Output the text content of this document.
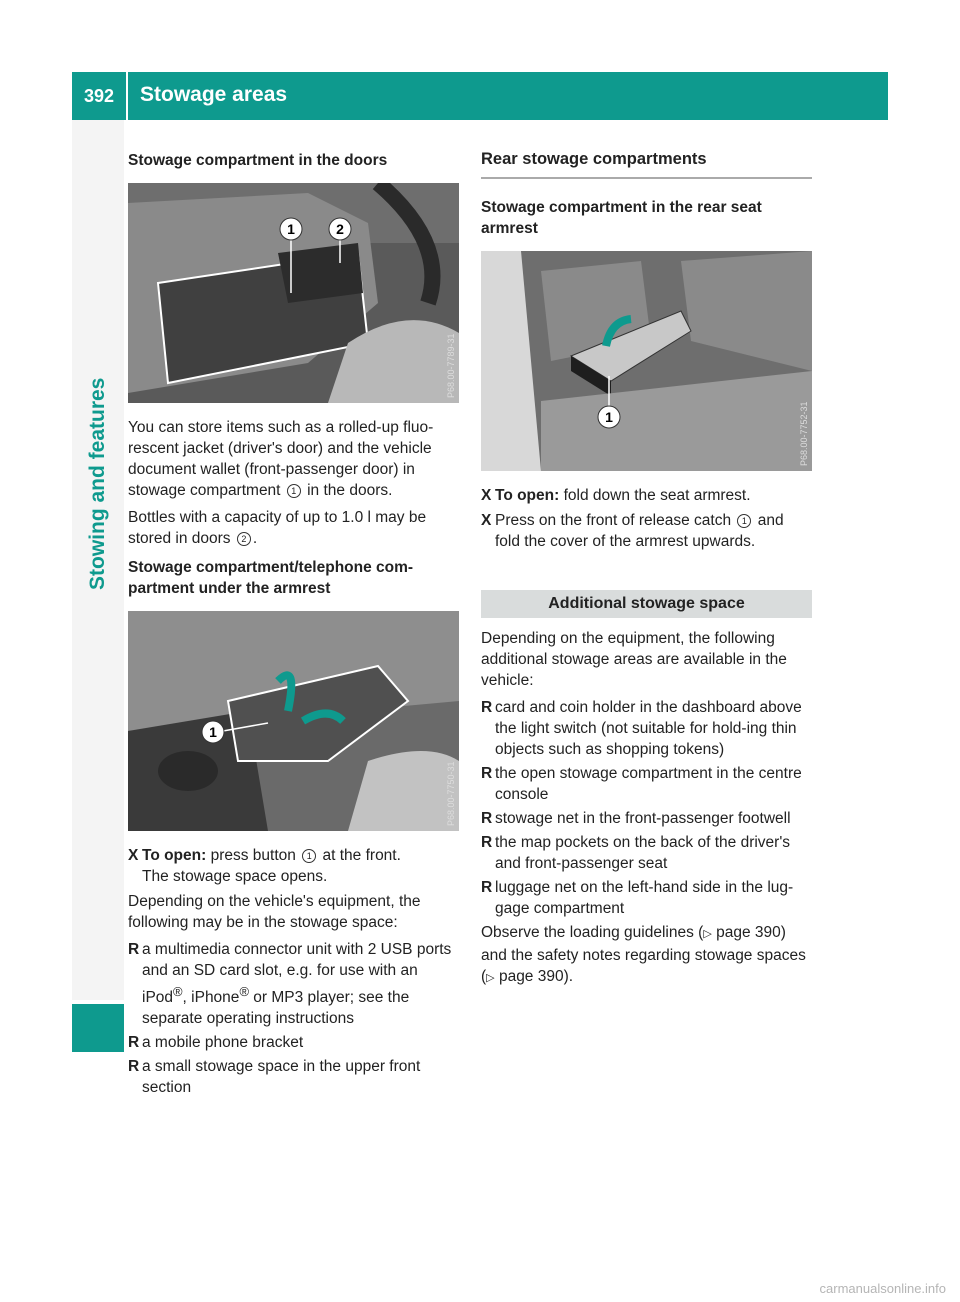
392 Stowage areas
Stowing and features
Stowage compartment in the doors
1	2
P68.00-7789-31

You can store items such as a rolled-up fluo-rescent jacket (driver's door) and the vehicle document wallet (front-passenger door) in stowage compartment 1 in the doors.

Bottles with a capacity of up to 1.0 l may be stored in doors 2 .

Stowage compartment/telephone com-partment under the armrest
1
P68.00-7750-31
X To open: press button 1 at the front.
The stowage space opens.

Depending on the vehicle's equipment, the following may be in the stowage space:

R a multimedia connector unit with 2 USB ports and an SD card slot, e.g. for use with an iPod®, iPhone® or MP3 player; see the separate operating instructions
R a mobile phone bracket
R a small stowage space in the upper front section
Rear stowage compartments
Stowage compartment in the rear seat armrest
1	P68.00-7752-31
X To open: fold down the seat armrest.
X Press on the front of release catch 1 and fold the cover of the armrest upwards.
Additional stowage space

Depending on the equipment, the following additional stowage areas are available in the vehicle:

R card and coin holder in the dashboard above the light switch (not suitable for hold-ing thin objects such as shopping tokens)
R the open stowage compartment in the centre console
R stowage net in the front-passenger footwell
R the map pockets on the back of the driver's and front-passenger seat
R luggage net on the left-hand side in the lug-gage compartment

Observe the loading guidelines (▷ page 390) and the safety notes regarding stowage spaces (▷ page 390).

carmanualsonline.info
